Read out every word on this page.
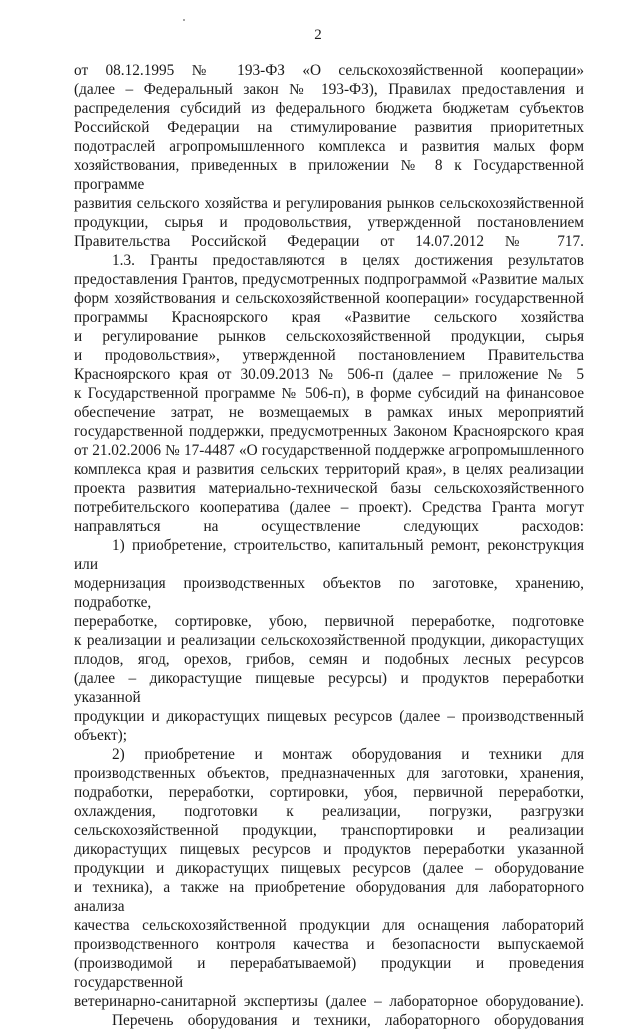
2

от 08.12.1995 № 193-ФЗ «О сельскохозяйственной кооперации»
(далее – Федеральный закон № 193-ФЗ), Правилах предоставления и
распределения субсидий из федерального бюджета бюджетам субъектов
Российской Федерации на стимулирование развития приоритетных
подотраслей агропромышленного комплекса и развития малых форм
хозяйствования, приведенных в приложении № 8 к Государственной программе
развития сельского хозяйства и регулирования рынков сельскохозяйственной
продукции, сырья и продовольствия, утвержденной постановлением
Правительства Российской Федерации от 14.07.2012 № 717.

1.3. Гранты предоставляются в целях достижения результатов
предоставления Грантов, предусмотренных подпрограммой «Развитие малых
форм хозяйствования и сельскохозяйственной кооперации» государственной
программы Красноярского края «Развитие сельского хозяйства
и регулирование рынков сельскохозяйственной продукции, сырья
и продовольствия», утвержденной постановлением Правительства
Красноярского края от 30.09.2013 № 506-п (далее – приложение № 5
к Государственной программе № 506-п), в форме субсидий на финансовое
обеспечение затрат, не возмещаемых в рамках иных мероприятий
государственной поддержки, предусмотренных Законом Красноярского края
от 21.02.2006 № 17-4487 «О государственной поддержке агропромышленного
комплекса края и развития сельских территорий края», в целях реализации
проекта развития материально-технической базы сельскохозяйственного
потребительского кооператива (далее – проект). Средства Гранта могут
направляться на осуществление следующих расходов:

1) приобретение, строительство, капитальный ремонт, реконструкция или
модернизация производственных объектов по заготовке, хранению, подработке,
переработке, сортировке, убою, первичной переработке, подготовке
к реализации и реализации сельскохозяйственной продукции, дикорастущих
плодов, ягод, орехов, грибов, семян и подобных лесных ресурсов
(далее – дикорастущие пищевые ресурсы) и продуктов переработки указанной
продукции и дикорастущих пищевых ресурсов (далее – производственный
объект);

2) приобретение и монтаж оборудования и техники для
производственных объектов, предназначенных для заготовки, хранения,
подработки, переработки, сортировки, убоя, первичной переработки,
охлаждения, подготовки к реализации, погрузки, разгрузки
сельскохозяйственной продукции, транспортировки и реализации
дикорастущих пищевых ресурсов и продуктов переработки указанной
продукции и дикорастущих пищевых ресурсов (далее – оборудование
и техника), а также на приобретение оборудования для лабораторного анализа
качества сельскохозяйственной продукции для оснащения лабораторий
производственного контроля качества и безопасности выпускаемой
(производимой и перерабатываемой) продукции и проведения государственной
ветеринарно-санитарной экспертизы (далее – лабораторное оборудование).

Перечень оборудования и техники, лабораторного оборудования
